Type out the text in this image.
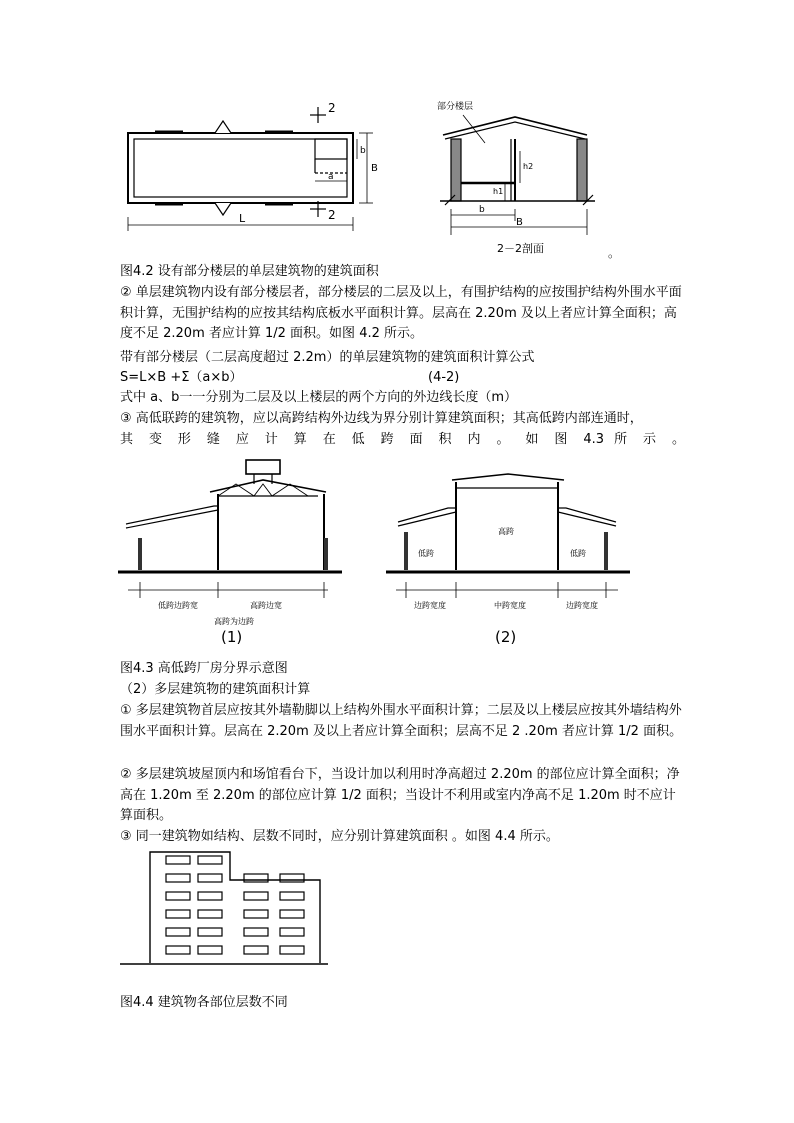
2
2
a
b
B
L
部分楼层
h2
h1
b
B
2－2剖面	。
图4.2 设有部分楼层的单层建筑物的建筑面积
② 单层建筑物内设有部分楼层者，部分楼层的二层及以上，有围护结构的应按围护结构外围水平面积计算，无围护结构的应按其结构底板水平面积计算。层高在 2.20m 及以上者应计算全面积；高度不足 2.20m 者应计算 1/2 面积。如图 4.2 所示。
带有部分楼层（二层高度超过 2.2m）的单层建筑物的建筑面积计算公式
S=L×B +Σ（a×b）	(4-2)
式中 a、b一一分别为二层及以上楼层的两个方向的外边线长度（m）
③ 高低联跨的建筑物，应以高跨结构外边线为界分别计算建筑面积；其高低跨内部连通时，
其 变 形 缝 应 计 算 在 低 跨 面 积 内 。 如 图 4.3 所 示 。
低跨边跨宽	高跨边宽
高跨为边跨
(1)
低跨
高跨
低跨
边跨宽度	中跨宽度	边跨宽度
(2)
图4.3 高低跨厂房分界示意图
（2）多层建筑物的建筑面积计算
① 多层建筑物首层应按其外墙勒脚以上结构外围水平面积计算；二层及以上楼层应按其外墙结构外围水平面积计算。层高在 2.20m 及以上者应计算全面积；层高不足 2 .20m 者应计算 1/2 面积。
② 多层建筑坡屋顶内和场馆看台下，当设计加以利用时净高超过 2.20m 的部位应计算全面积；净高在 1.20m 至 2.20m 的部位应计算 1/2 面积；当设计不利用或室内净高不足 1.20m 时不应计算面积。
③ 同一建筑物如结构、层数不同时，应分别计算建筑面积 。如图 4.4 所示。
图4.4 建筑物各部位层数不同
